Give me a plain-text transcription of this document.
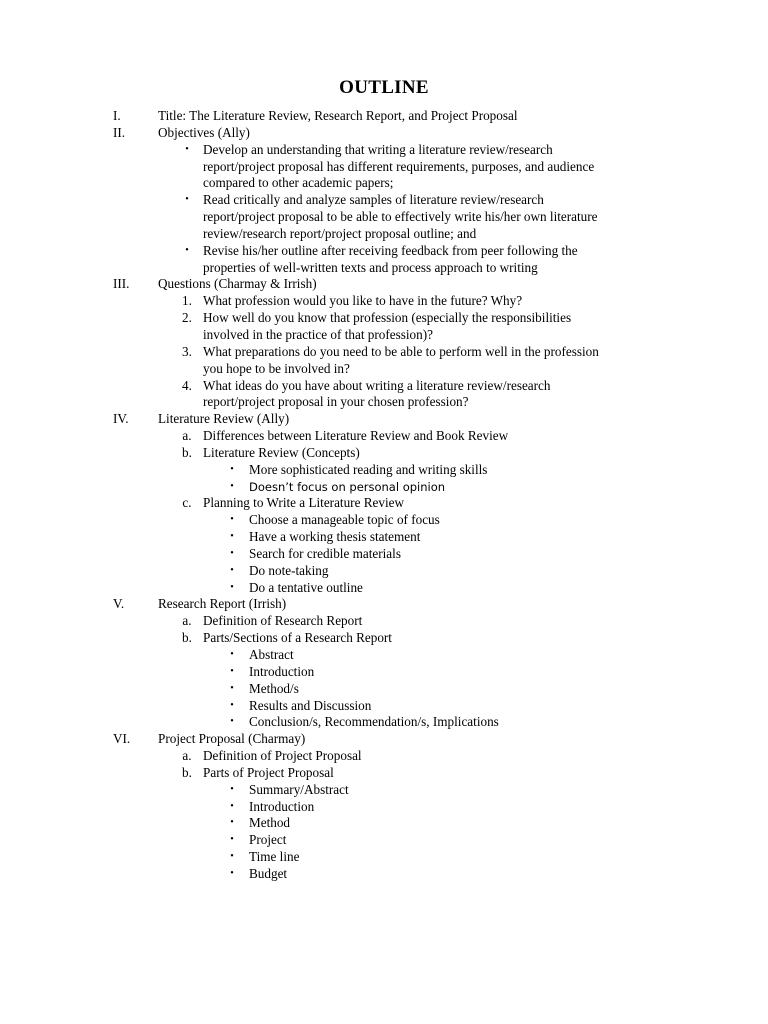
OUTLINE
I.	Title: The Literature Review, Research Report, and Project Proposal
II. Objectives (Ally)
•	Develop an understanding that writing a literature review/research
report/project proposal has different requirements, purposes, and audience
compared to other academic papers;
•	Read critically and analyze samples of literature review/research
report/project proposal to be able to effectively write his/her own literature
review/research report/project proposal outline; and
•	Revise his/her outline after receiving feedback from peer following the
properties of well-written texts and process approach to writing
III. Questions (Charmay & Irrish)
1. What profession would you like to have in the future? Why?
2. How well do you know that profession (especially the responsibilities
involved in the practice of that profession)?
3. What preparations do you need to be able to perform well in the profession
you hope to be involved in?
4. What ideas do you have about writing a literature review/research
report/project proposal in your chosen profession?
IV. Literature Review (Ally)
a. Differences between Literature Review and Book Review
b. Literature Review (Concepts)
•	More sophisticated reading and writing skills
•	Doesn’t focus on personal opinion
c. Planning to Write a Literature Review
•	Choose a manageable topic of focus
•	Have a working thesis statement
•	Search for credible materials
•	Do note-taking
•	Do a tentative outline
V.	Research Report (Irrish)
a. Definition of Research Report
b. Parts/Sections of a Research Report
•	Abstract
•	Introduction
•	Method/s
•	Results and Discussion
•	Conclusion/s, Recommendation/s, Implications
VI. Project Proposal (Charmay)
a. Definition of Project Proposal
b. Parts of Project Proposal
•	Summary/Abstract
•	Introduction
•	Method
•	Project
•	Time line
•	Budget
